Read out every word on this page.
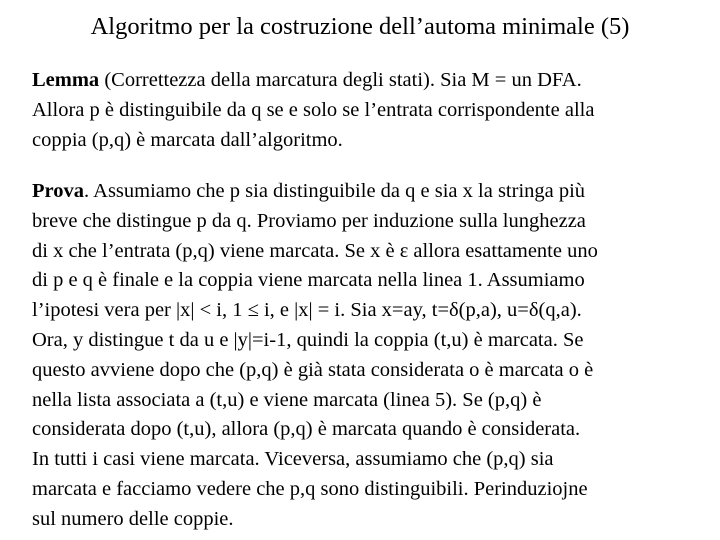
Algoritmo per la costruzione dell’automa minimale (5)
Lemma (Correttezza della marcatura degli stati). Sia M = un DFA.
Allora p è distinguibile da q se e solo se l’entrata corrispondente alla
coppia (p,q) è marcata dall’algoritmo.
Prova. Assumiamo che p sia distinguibile da q e sia x la stringa più
breve che distingue p da q. Proviamo per induzione sulla lunghezza
di x che l’entrata (p,q) viene marcata. Se x è ε allora esattamente uno
di p e q è finale e la coppia viene marcata nella linea 1. Assumiamo
l’ipotesi vera per |x| < i, 1 ≤ i, e |x| = i. Sia x=ay, t=δ(p,a), u=δ(q,a).
Ora, y distingue t da u e |y|=i-1, quindi la coppia (t,u) è marcata. Se
questo avviene dopo che (p,q) è già stata considerata o è marcata o è
nella lista associata a (t,u) e viene marcata (linea 5). Se (p,q) è
considerata dopo (t,u), allora (p,q) è marcata quando è considerata.
In tutti i casi viene marcata. Viceversa, assumiamo che (p,q) sia
marcata e facciamo vedere che p,q sono distinguibili. Perinduziojne
sul numero delle coppie.
